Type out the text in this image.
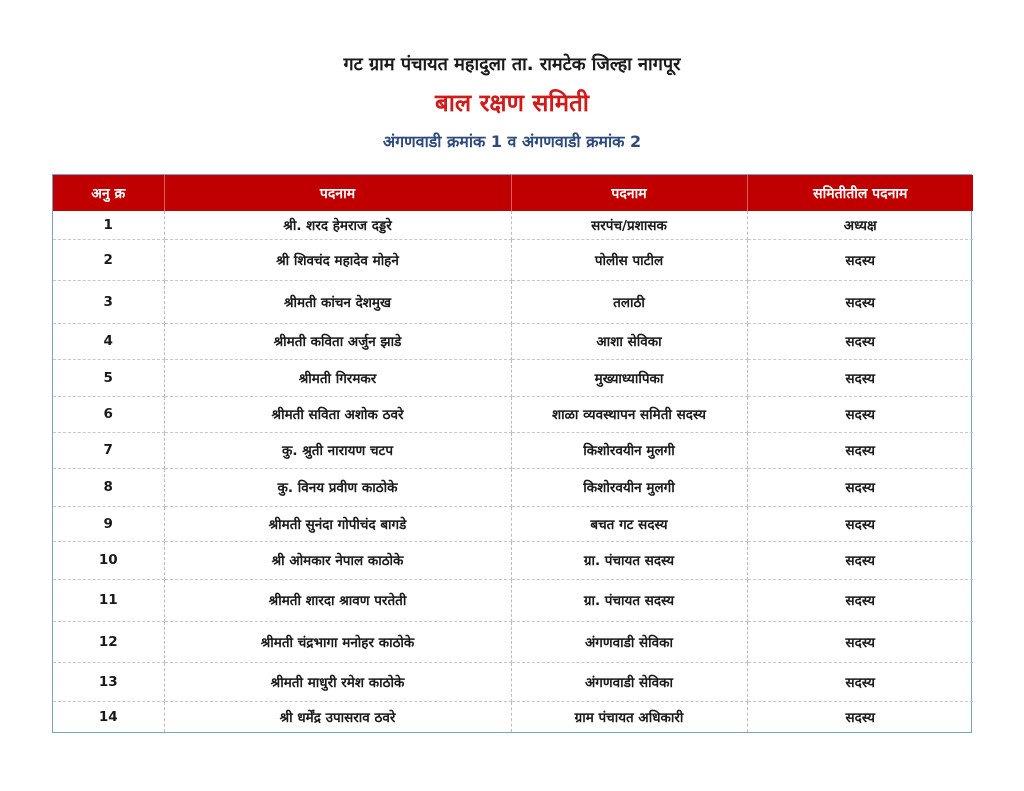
गट ग्राम पंचायत महादुला ता. रामटेक जिल्हा नागपूर
बाल रक्षण समिती
अंगणवाडी क्रमांक 1 व अंगणवाडी क्रमांक 2
अनु क्र	पदनाम	पदनाम	समितीतील पदनाम
1	श्री. शरद हेमराज दड्डरे	सरपंच/प्रशासक	अध्यक्ष
2	श्री शिवचंद महादेव मोहने	पोलीस पाटील	सदस्य
3	श्रीमती कांचन देशमुख	तलाठी	सदस्य
4	श्रीमती कविता अर्जुन झाडे	आशा सेविका	सदस्य
5	श्रीमती गिरमकर	मुख्याध्यापिका	सदस्य
6	श्रीमती सविता अशोक ठवरे	शाळा व्यवस्थापन समिती सदस्य	सदस्य
7	कु. श्रुती नारायण चटप	किशोरवयीन मुलगी	सदस्य
8	कु. विनय प्रवीण काठोके	किशोरवयीन मुलगी	सदस्य
9	श्रीमती सुनंदा गोपीचंद बागडे	बचत गट सदस्य	सदस्य
10	श्री ओमकार नेपाल काठोके	ग्रा. पंचायत सदस्य	सदस्य
11	श्रीमती शारदा श्रावण परतेती	ग्रा. पंचायत सदस्य	सदस्य
12	श्रीमती चंद्रभागा मनोहर काठोके	अंगणवाडी सेविका	सदस्य
13	श्रीमती माधुरी रमेश काठोके	अंगणवाडी सेविका	सदस्य
14	श्री धर्मेंद्र उपासराव ठवरे	ग्राम पंचायत अधिकारी	सदस्य
